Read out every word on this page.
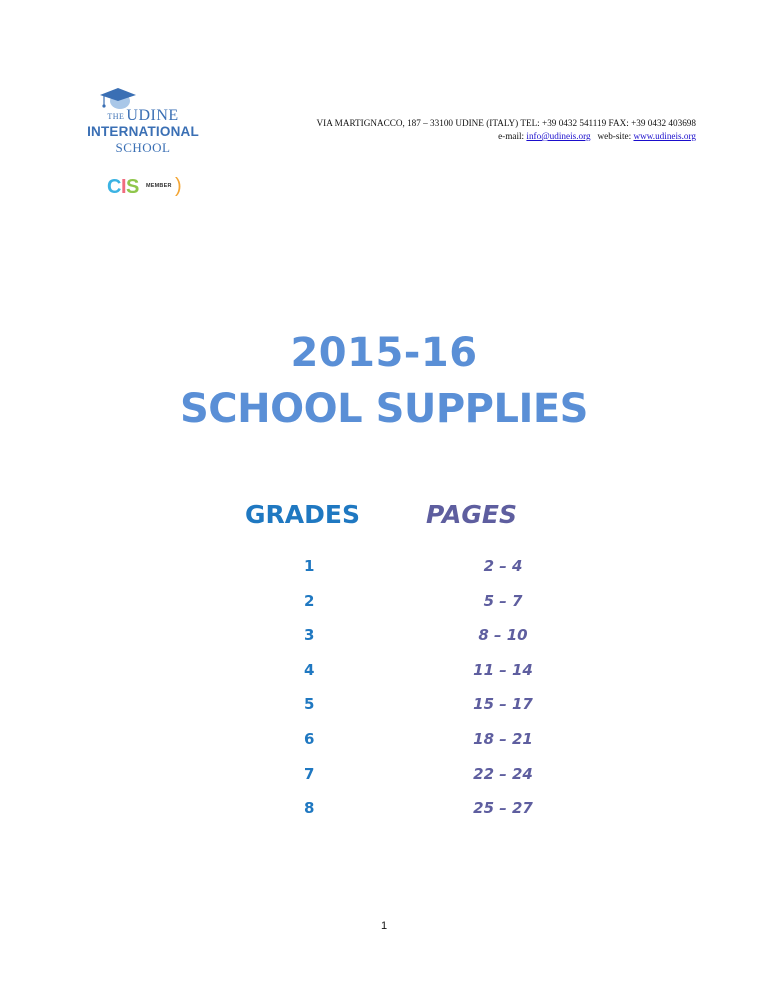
THE UDINE
INTERNATIONAL
SCHOOL
CIS MEMBER )
VIA MARTIGNACCO, 187 – 33100 UDINE (ITALY) TEL: +39 0432 541119 FAX: +39 0432 403698
e-mail: info@udineis.org web-site: www.udineis.org
2015-16
SCHOOL SUPPLIES
GRADES	PAGES
1	2 – 4
2	5 – 7
3	8 – 10
4	11 – 14
5	15 – 17
6	18 – 21
7	22 – 24
8	25 – 27
1
